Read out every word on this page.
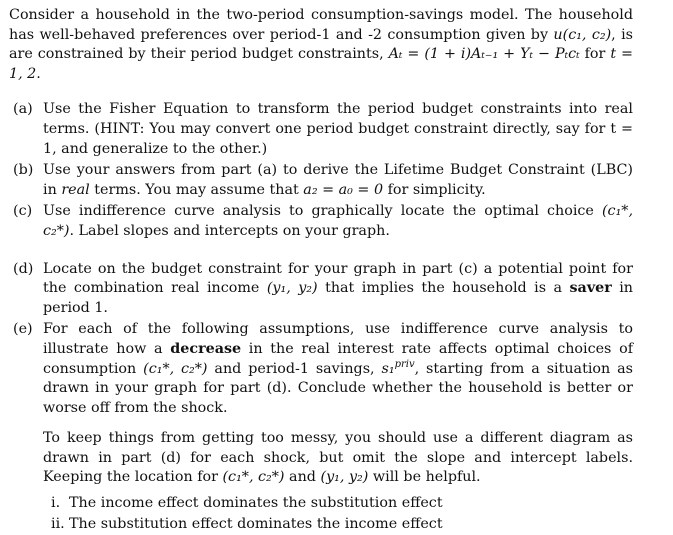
Consider a household in the two-period consumption-savings model. The household has well-behaved preferences over period-1 and -2 consumption given by u(c₁, c₂), is are constrained by their period budget constraints, Aₜ = (1 + i)Aₜ₋₁ + Yₜ − Pₜcₜ for t = 1, 2.

(a) Use the Fisher Equation to transform the period budget constraints into real terms. (HINT: You may convert one period budget constraint directly, say for t = 1, and generalize to the other.)
(b) Use your answers from part (a) to derive the Lifetime Budget Constraint (LBC) in real terms. You may assume that a₂ = a₀ = 0 for simplicity.
(c) Use indifference curve analysis to graphically locate the optimal choice (c₁*, c₂*). Label slopes and intercepts on your graph.
(d) Locate on the budget constraint for your graph in part (c) a potential point for the combination real income (y₁, y₂) that implies the household is a saver in period 1.
(e) For each of the following assumptions, use indifference curve analysis to illustrate how a decrease in the real interest rate affects optimal choices of consumption (c₁*, c₂*) and period-1 savings, s₁$^{priv}$, starting from a situation as drawn in your graph for part (d). Conclude whether the household is better or worse off from the shock.

To keep things from getting too messy, you should use a different diagram as drawn in part (d) for each shock, but omit the slope and intercept labels. Keeping the location for (c₁*, c₂*) and (y₁, y₂) will be helpful.

i. The income effect dominates the substitution effect
ii. The substitution effect dominates the income effect
